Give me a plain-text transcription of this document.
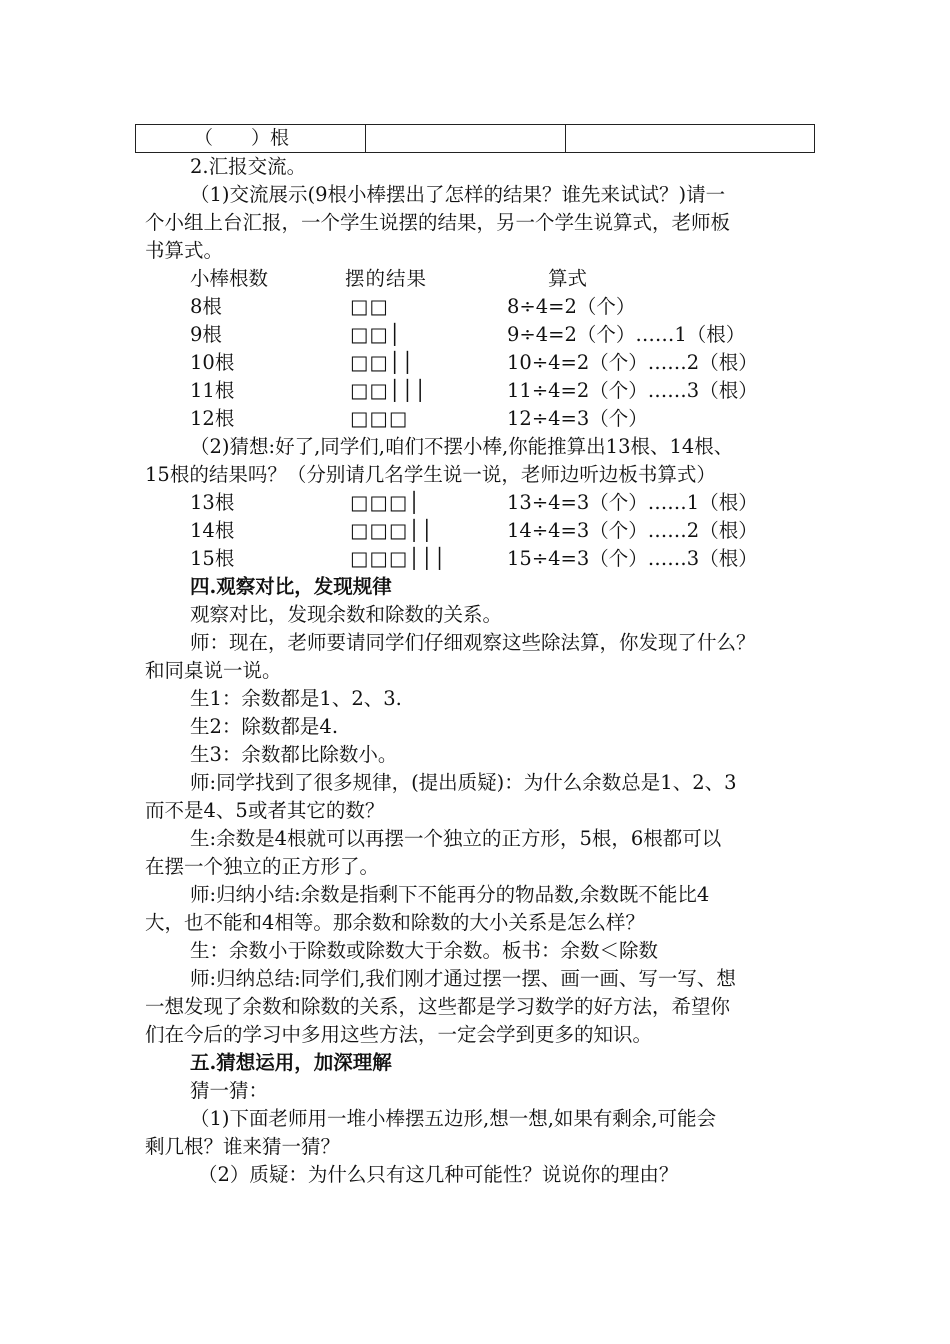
（　　）根
2.汇报交流。
（1)交流展示(9根小棒摆出了怎样的结果？谁先来试试？)请一
个小组上台汇报，一个学生说摆的结果，另一个学生说算式，老师板
书算式。
小棒根数	摆的结果	算式
8根	□□	8÷4=2（个）
9根	□□│	9÷4=2（个）……1（根）
10根	□□││	10÷4=2（个）……2（根）
11根	□□│││	11÷4=2（个）……3（根）
12根	□□□	12÷4=3（个）
（2)猜想:好了,同学们,咱们不摆小棒,你能推算出13根、14根、
15根的结果吗？（分别请几名学生说一说，老师边听边板书算式）
13根	□□□│	13÷4=3（个）……1（根）
14根	□□□││	14÷4=3（个）……2（根）
15根	□□□│││	15÷4=3（个）……3（根）
四.观察对比，发现规律
观察对比，发现余数和除数的关系。
师：现在，老师要请同学们仔细观察这些除法算，你发现了什么？
和同桌说一说。
生1：余数都是1、2、3.
生2：除数都是4.
生3：余数都比除数小。
师:同学找到了很多规律，(提出质疑)：为什么余数总是1、2、3
而不是4、5或者其它的数？
生:余数是4根就可以再摆一个独立的正方形，5根，6根都可以
在摆一个独立的正方形了。
师:归纳小结:余数是指剩下不能再分的物品数,余数既不能比4
大，也不能和4相等。那余数和除数的大小关系是怎么样？
生：余数小于除数或除数大于余数。板书：余数＜除数
师:归纳总结:同学们,我们刚才通过摆一摆、画一画、写一写、想
一想发现了余数和除数的关系，这些都是学习数学的好方法，希望你
们在今后的学习中多用这些方法，一定会学到更多的知识。
五.猜想运用，加深理解
猜一猜：
（1)下面老师用一堆小棒摆五边形,想一想,如果有剩余,可能会
剩几根？谁来猜一猜？
（2）质疑：为什么只有这几种可能性？说说你的理由？
